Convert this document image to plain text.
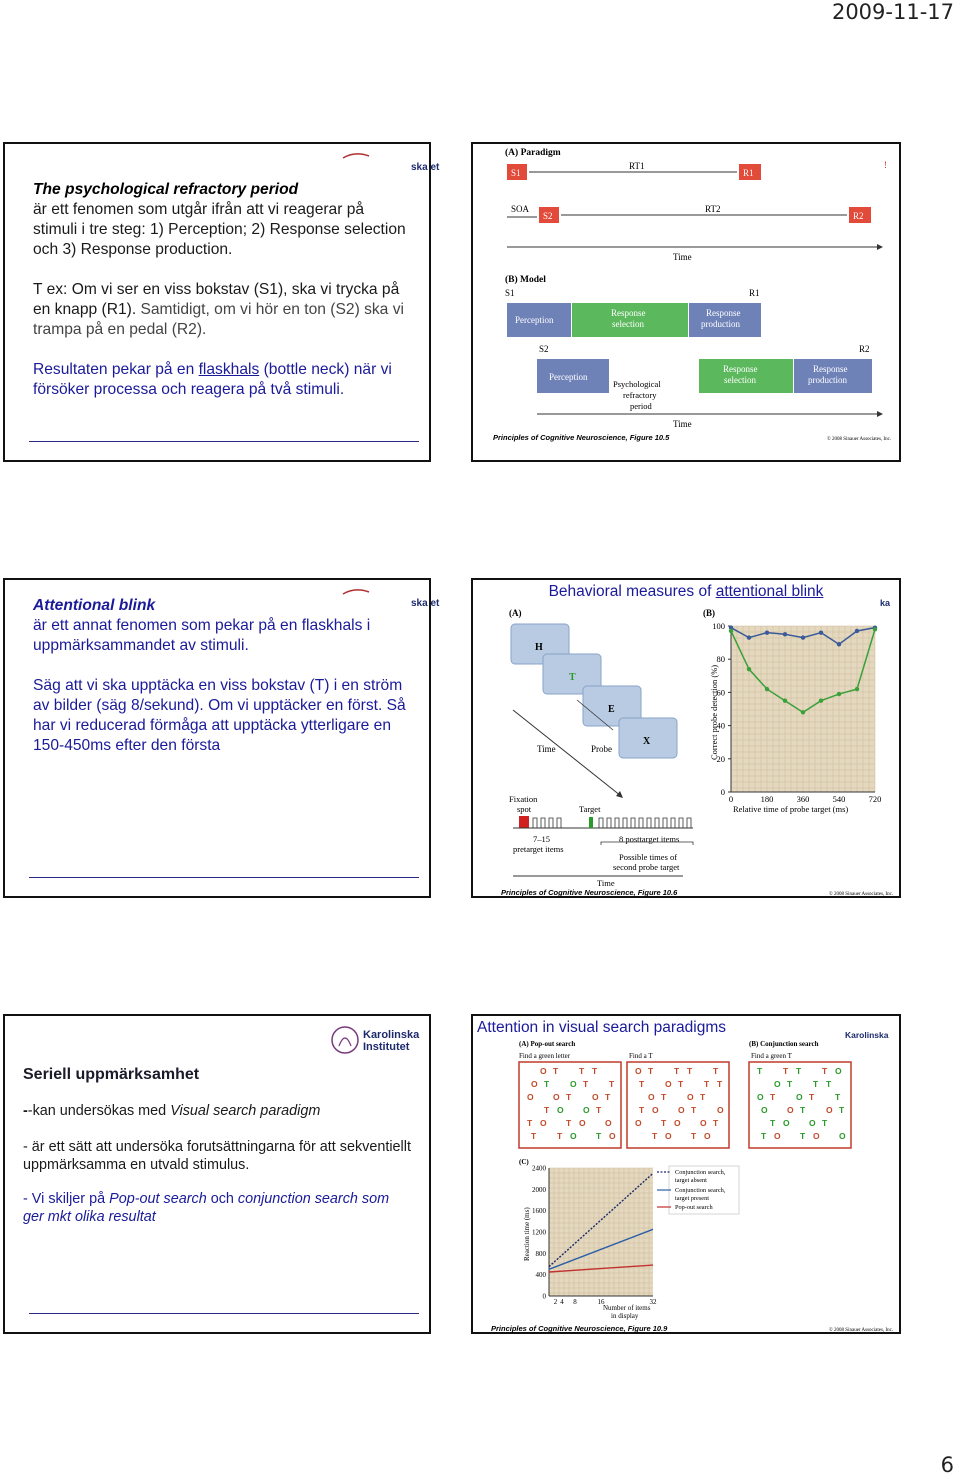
2009-11-17
ska et
The psychological refractory period
är ett fenomen som utgår ifrån att vi reagerar på stimuli i tre steg: 1) Perception; 2) Response selection och 3) Response production.
T ex: Om vi ser en viss bokstav (S1), ska vi trycka på en knapp (R1). Samtidigt, om vi hör en ton (S2) ska vi trampa på en pedal (R2).
Resultaten pekar på en flaskhals (bottle neck) när vi försöker processa och reagera på två stimuli.
(A) Paradigm
S1
RT1
R1
!
SOA
S2
RT2
R2
Time
(B) Model
S1	R1
Perception
Response
selection
Response
production
S2	R2
Perception
Psychological
refractory
period
Response
selection
Response
production
Time
Principles of Cognitive Neuroscience, Figure 10.5	© 2008 Sinauer Associates, Inc.
ska et
Attentional blink
är ett annat fenomen som pekar på en flaskhals i uppmärksammandet av stimuli.
Säg att vi ska upptäcka en viss bokstav (T) i en ström av bilder (säg 8/sekund). Om vi upptäcker en först. Så har vi reducerad förmåga att upptäcka ytterligare en 150-450ms efter den första
Behavioral measures of attentional blink
ka
(A)	(B)
H
T
E
X
Time	Probe
Fixation
spot	Target
7–15
pretarget items
8 posttarget items
Possible times of
second probe target
Time
Principles of Cognitive Neuroscience, Figure 10.6	© 2008 Sinauer Associates, Inc.
0
20
40
60
80
100
0	180	360	540	720
Correct probe detection (%)
Relative time of probe target (ms)
Karolinska
Institutet
Seriell uppmärksamhet
--kan undersökas med Visual search paradigm
- är ett sätt att undersöka forutsättningarna för att sekventiellt uppmärksamma en utvald stimulus.
- Vi skiljer på Pop-out search och conjunction search som ger mkt olika resultat
Attention in visual search paradigms	Karolinska
(A) Pop-out search	(B) Conjunction search
Find a green letter	Find a T	Find a green T
O T T T
O T O T T
O O T O T
T O O T
T O T O O
T T O T O
O T T T T
T O T T T
O T O T
T O O T O
O T O O T
T O T O
T T T T O
O T T T
O T O T T
O O T O T
T O O T
T O T O O
(C)
0
400
800
1200
1600
2000
2400
2 4 8	16	32
Reaction time (ms)
Number of items
in display
Conjunction search,
target absent
Conjunction search,
target present
Pop-out search
Principles of Cognitive Neuroscience, Figure 10.9	© 2008 Sinauer Associates, Inc.
6
